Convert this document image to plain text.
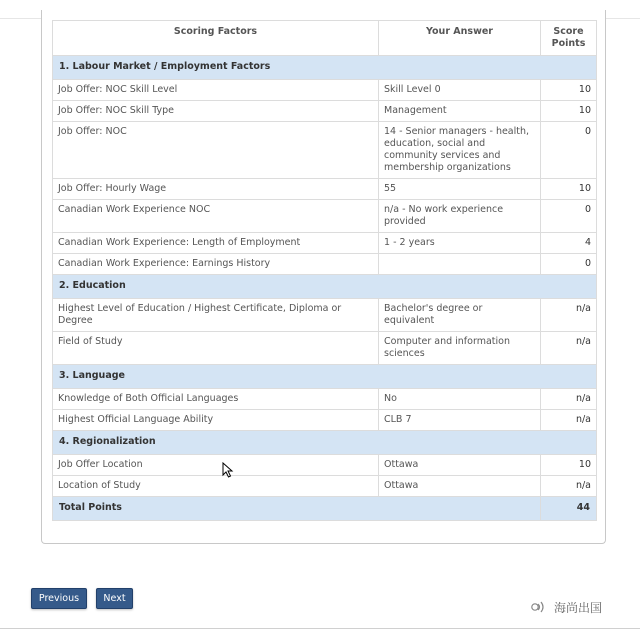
Scoring Factors	Your Answer	Score Points
1. Labour Market / Employment Factors		
Job Offer: NOC Skill Level	Skill Level 0	10
Job Offer: NOC Skill Type	Management	10
Job Offer: NOC	14 - Senior managers - health, education, social and community services and membership organizations	0
Job Offer: Hourly Wage	55	10
Canadian Work Experience NOC	n/a - No work experience provided	0
Canadian Work Experience: Length of Employment	1 - 2 years	4
Canadian Work Experience: Earnings History		0
2. Education		
Highest Level of Education / Highest Certificate, Diploma or Degree	Bachelor's degree or equivalent	n/a
Field of Study	Computer and information sciences	n/a
3. Language		
Knowledge of Both Official Languages	No	n/a
Highest Official Language Ability	CLB 7	n/a
4. Regionalization		
Job Offer Location	Ottawa	10
Location of Study	Ottawa	n/a
Total Points		44
Previous	Next
海尚出国
